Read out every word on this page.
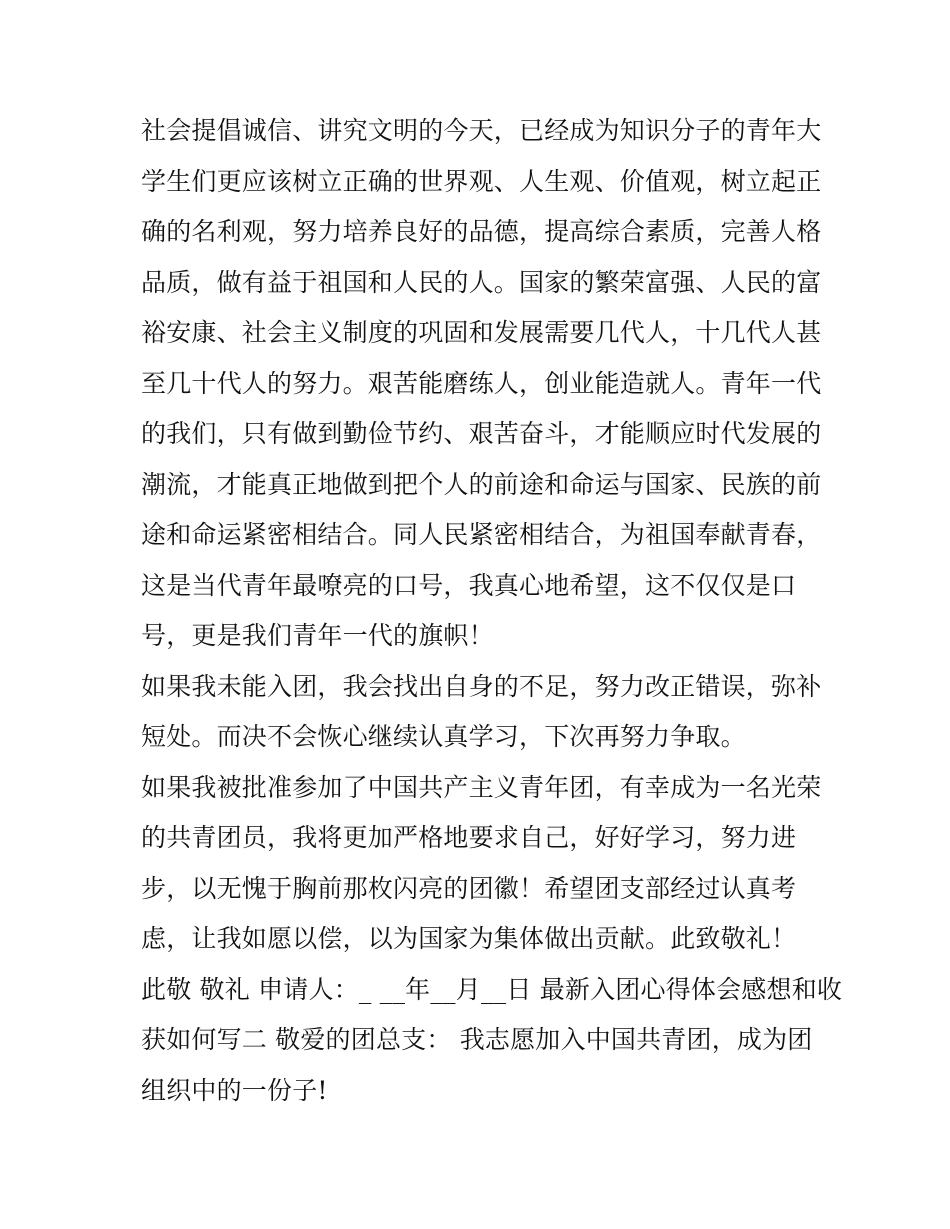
社会提倡诚信、讲究文明的今天，已经成为知识分子的青年大
学生们更应该树立正确的世界观、人生观、价值观，树立起正
确的名利观，努力培养良好的品德，提高综合素质，完善人格
品质，做有益于祖国和人民的人。国家的繁荣富强、人民的富
裕安康、社会主义制度的巩固和发展需要几代人，十几代人甚
至几十代人的努力。艰苦能磨练人，创业能造就人。青年一代
的我们，只有做到勤俭节约、艰苦奋斗，才能顺应时代发展的
潮流，才能真正地做到把个人的前途和命运与国家、民族的前
途和命运紧密相结合。同人民紧密相结合，为祖国奉献青春，
这是当代青年最嘹亮的口号，我真心地希望，这不仅仅是口
号，更是我们青年一代的旗帜！
如果我未能入团，我会找出自身的不足，努力改正错误，弥补
短处。而决不会恢心继续认真学习，下次再努力争取。
如果我被批准参加了中国共产主义青年团，有幸成为一名光荣
的共青团员，我将更加严格地要求自己，好好学习，努力进
步，以无愧于胸前那枚闪亮的团徽！希望团支部经过认真考
虑，让我如愿以偿，以为国家为集体做出贡献。此致敬礼！
此敬 敬礼 申请人：_ __年__月__日 最新入团心得体会感想和收
获如何写二 敬爱的团总支： 我志愿加入中国共青团，成为团
组织中的一份子!
